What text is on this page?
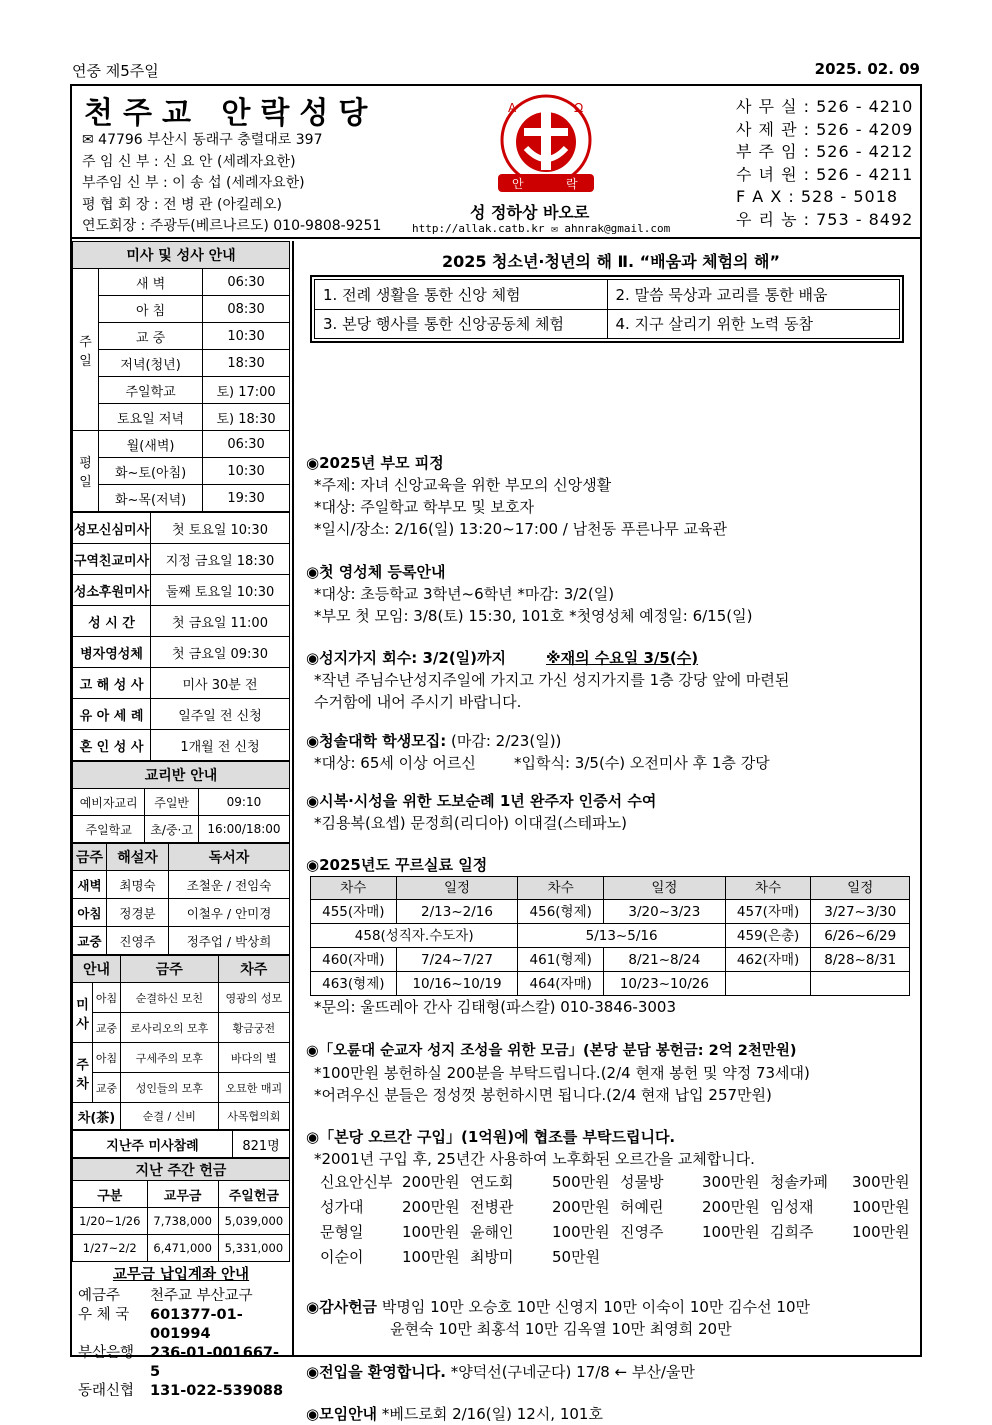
연중 제5주일	2025. 02. 09
천주교 안락성당
✉ 47796 부산시 동래구 충렬대로 397
주 임 신 부 : 신 요 안 (세례자요한)
부주임 신 부 : 이 송 섭 (세례자요한)
평 협 회 장 : 전 병 관 (아킬레오)
연도회장 : 주광두(베르나르도) 010-9808-9251
A	Ω
안	락
성 정하상 바오로
http://allak.catb.kr ✉ ahnrak@gmail.com
사 무 실 : 526 - 4210
사 제 관 : 526 - 4209
부 주 임 : 526 - 4212
수 녀 원 : 526 - 4211
F A X : 528 - 5018
우 리 농 : 753 - 8492
미사 및 성사 안내		
주 일	새 벽	06:30
	아 침	08:30
	교 중	10:30
	저녁(청년)	18:30
	주일학교	토) 17:00
	토요일 저녁	토) 18:30
평 일	월(새벽)	06:30
	화~토(아침)	10:30
	화~목(저녁)	19:30
성모신심미사	첫 토요일 10:30
구역친교미사	지정 금요일 18:30
성소후원미사	둘째 토요일 10:30
성 시 간	첫 금요일 11:00
병자영성체	첫 금요일 09:30
고 해 성 사	미사 30분 전
유 아 세 례	일주일 전 신청
혼 인 성 사	1개월 전 신청
교리반 안내		
예비자교리	주일반	09:10
주일학교	초/중·고	16:00/18:00
금주	해설자	독서자
새벽	최명숙	조철운 / 전임숙
아침	정경분	이철우 / 안미경
교중	진영주	정주업 / 박상희
안내		금주	차주
미사	아침	순결하신 모친	영광의 성모
	교중	로사리오의 모후	황금궁전
주차	아침	구세주의 모후	바다의 별
	교중	성인들의 모후	오묘한 매괴
차(茶)		순결 / 신비	사목협의회
지난주 미사참례	821명
지난 주간 헌금		
구분	교무금	주일헌금
1/20~1/26	7,738,000	5,039,000
1/27~2/2	6,471,000	5,331,000
교무금 납입계좌 안내
예금주	천주교 부산교구
우 체 국	601377-01-001994
부산은행	236-01-001667-5
동래신협	131-022-539088
2025 청소년·청년의 해 Ⅱ. “배움과 체험의 해”
1. 전례 생활을 통한 신앙 체험	2. 말씀 묵상과 교리를 통한 배움
3. 본당 행사를 통한 신앙공동체 체험	4. 지구 살리기 위한 노력 동참
◉2025년 부모 피정
*주제: 자녀 신앙교육을 위한 부모의 신앙생활
*대상: 주일학교 학부모 및 보호자
*일시/장소: 2/16(일) 13:20~17:00 / 남천동 푸른나무 교육관
◉첫 영성체 등록안내
*대상: 초등학교 3학년~6학년 *마감: 3/2(일)
*부모 첫 모임: 3/8(토) 15:30, 101호 *첫영성체 예정일: 6/15(일)
◉성지가지 회수: 3/2(일)까지	※재의 수요일 3/5(수)
*작년 주님수난성지주일에 가지고 가신 성지가지를 1층 강당 앞에 마련된
수거함에 내어 주시기 바랍니다.
◉청솔대학 학생모집: (마감: 2/23(일))
*대상: 65세 이상 어르신        *입학식: 3/5(수) 오전미사 후 1층 강당
◉시복·시성을 위한 도보순례 1년 완주자 인증서 수여
*김용복(요셉) 문정희(리디아) 이대걸(스테파노)
◉2025년도 꾸르실료 일정
차수	일정	차수	일정	차수	일정
455(자매)	2/13~2/16	456(형제)	3/20~3/23	457(자매)	3/27~3/30
458(성직자.수도자)		5/13~5/16		459(은총)	6/26~6/29
460(자매)	7/24~7/27	461(형제)	8/21~8/24	462(자매)	8/28~8/31
463(형제)	10/16~10/19	464(자매)	10/23~10/26		
*문의: 울뜨레아 간사 김태형(파스칼) 010-3846-3003
◉「오륜대 순교자 성지 조성을 위한 모금」(본당 분담 봉헌금: 2억 2천만원)
*100만원 봉헌하실 200분을 부탁드립니다.(2/4 현재 봉헌 및 약정 73세대)
*어려우신 분들은 정성껏 봉헌하시면 됩니다.(2/4 현재 납입 257만원)
◉「본당 오르간 구입」(1억원)에 협조를 부탁드립니다.
*2001년 구입 후, 25년간 사용하여 노후화된 오르간을 교체합니다.
신요안신부 200만원 연도회	500만원 성물방	300만원 청솔카페	300만원
성가대	200만원 전병관	200만원 허예린	200만원 임성재	100만원
문형일	100만원 윤해인	100만원 진영주	100만원 김희주	100만원
이순이	100만원 최방미	50만원
◉감사헌금 박명임 10만 오승호 10만 신영지 10만 이숙이 10만 김수선 10만
윤현숙 10만 최홍석 10만 김옥열 10만 최영희 20만
◉전입을 환영합니다. *양덕선(구네군다) 17/8 ← 부산/울만
◉모임안내 *베드로회 2/16(일) 12시, 101호
